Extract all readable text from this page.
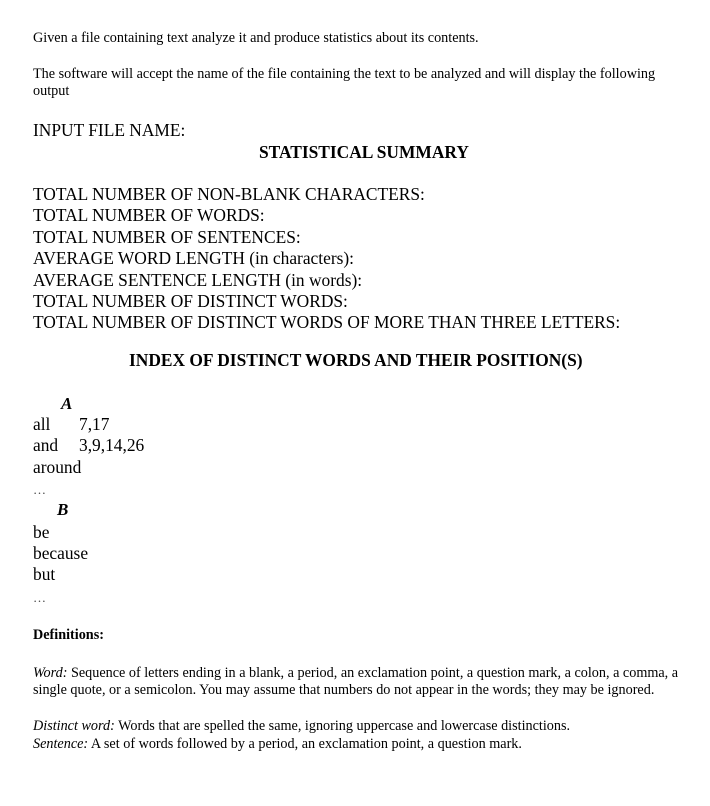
Given a file containing text analyze it and produce statistics about its contents.
The software will accept the name of the file containing the text to be analyzed and will display the following output
INPUT FILE NAME:
STATISTICAL SUMMARY
TOTAL NUMBER OF NON-BLANK CHARACTERS:
TOTAL NUMBER OF WORDS:
TOTAL NUMBER OF SENTENCES:
AVERAGE WORD LENGTH (in characters):
AVERAGE SENTENCE LENGTH (in words):
TOTAL NUMBER OF DISTINCT WORDS:
TOTAL NUMBER OF DISTINCT WORDS OF MORE THAN THREE LETTERS:
INDEX OF DISTINCT WORDS AND THEIR POSITION(S)
A
all 7,17
and 3,9,14,26
around
…
B
be
because
but
…
Definitions:
Word: Sequence of letters ending in a blank, a period, an exclamation point, a question mark, a colon, a comma, a single quote, or a semicolon. You may assume that numbers do not appear in the words; they may be ignored.
Distinct word: Words that are spelled the same, ignoring uppercase and lowercase distinctions.
Sentence: A set of words followed by a period, an exclamation point, a question mark.
